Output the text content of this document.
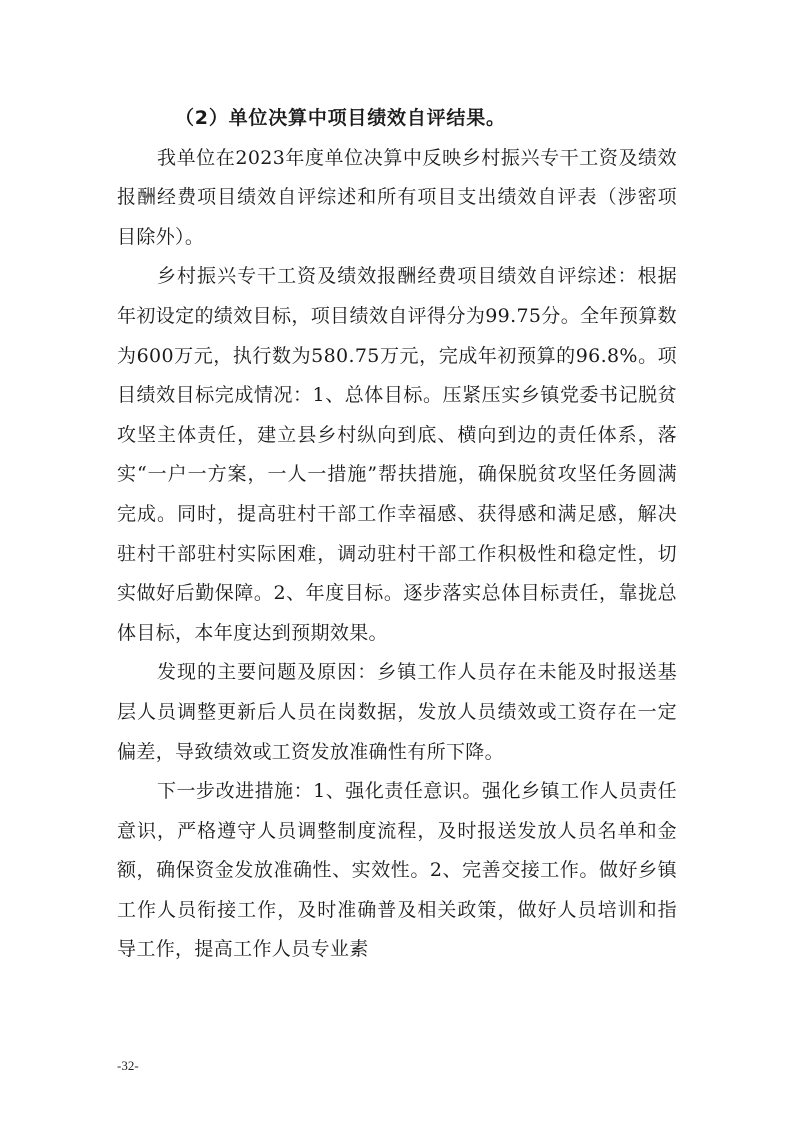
（2）单位决算中项目绩效自评结果。

我单位在2023年度单位决算中反映乡村振兴专干工资及绩效报酬经费项目绩效自评综述和所有项目支出绩效自评表（涉密项目除外）。

乡村振兴专干工资及绩效报酬经费项目绩效自评综述：根据年初设定的绩效目标，项目绩效自评得分为99.75分。全年预算数为600万元，执行数为580.75万元，完成年初预算的96.8%。项目绩效目标完成情况：1、总体目标。压紧压实乡镇党委书记脱贫攻坚主体责任，建立县乡村纵向到底、横向到边的责任体系，落实“一户一方案，一人一措施”帮扶措施，确保脱贫攻坚任务圆满完成。同时，提高驻村干部工作幸福感、获得感和满足感，解决驻村干部驻村实际困难，调动驻村干部工作积极性和稳定性，切实做好后勤保障。2、年度目标。逐步落实总体目标责任，靠拢总体目标，本年度达到预期效果。

发现的主要问题及原因：乡镇工作人员存在未能及时报送基层人员调整更新后人员在岗数据，发放人员绩效或工资存在一定偏差，导致绩效或工资发放准确性有所下降。

下一步改进措施：1、强化责任意识。强化乡镇工作人员责任意识，严格遵守人员调整制度流程，及时报送发放人员名单和金额，确保资金发放准确性、实效性。2、完善交接工作。做好乡镇工作人员衔接工作，及时准确普及相关政策，做好人员培训和指导工作，提高工作人员专业素

-32-
